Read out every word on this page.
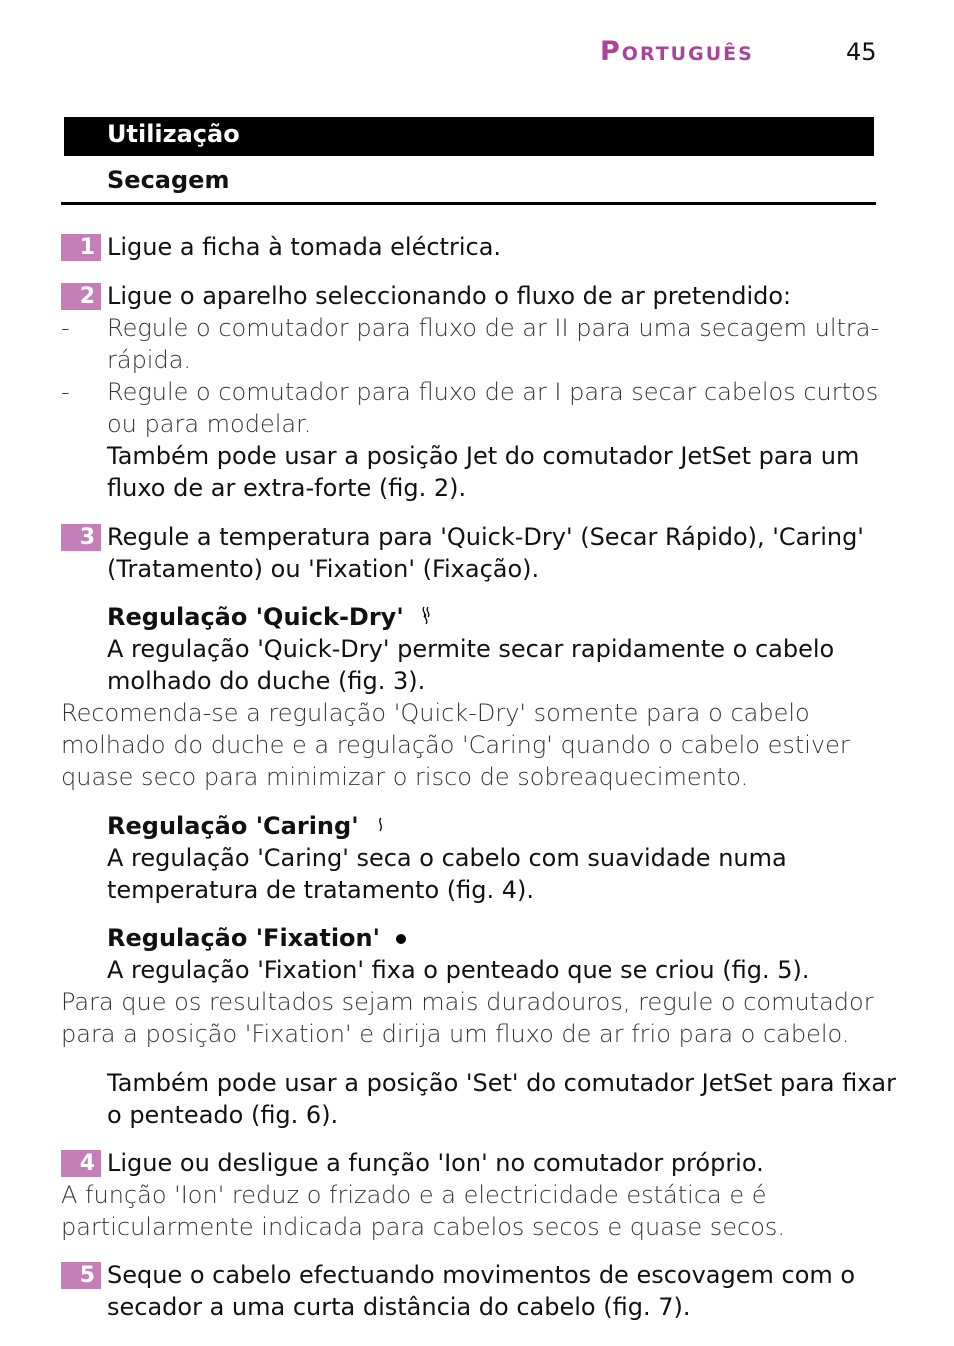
Português	45
Utilização
Secagem
1 Ligue a ficha à tomada eléctrica.
2 Ligue o aparelho seleccionando o fluxo de ar pretendido:
- Regule o comutador para fluxo de ar II para uma secagem ultra-
rápida.
- Regule o comutador para fluxo de ar I para secar cabelos curtos
ou para modelar.
Também pode usar a posição Jet do comutador JetSet para um
fluxo de ar extra-forte (fig. 2).
3 Regule a temperatura para 'Quick-Dry' (Secar Rápido), 'Caring'
(Tratamento) ou 'Fixation' (Fixação).
Regulação 'Quick-Dry'
A regulação 'Quick-Dry' permite secar rapidamente o cabelo
molhado do duche (fig. 3).
Recomenda-se a regulação 'Quick-Dry' somente para o cabelo
molhado do duche e a regulação 'Caring' quando o cabelo estiver
quase seco para minimizar o risco de sobreaquecimento.
Regulação 'Caring'
A regulação 'Caring' seca o cabelo com suavidade numa
temperatura de tratamento (fig. 4).
Regulação 'Fixation'
A regulação 'Fixation' fixa o penteado que se criou (fig. 5).
Para que os resultados sejam mais duradouros, regule o comutador
para a posição 'Fixation' e dirija um fluxo de ar frio para o cabelo.
Também pode usar a posição 'Set' do comutador JetSet para fixar
o penteado (fig. 6).
4 Ligue ou desligue a função 'Ion' no comutador próprio.
A função 'Ion' reduz o frizado e a electricidade estática e é
particularmente indicada para cabelos secos e quase secos.
5 Seque o cabelo efectuando movimentos de escovagem com o
secador a uma curta distância do cabelo (fig. 7).
